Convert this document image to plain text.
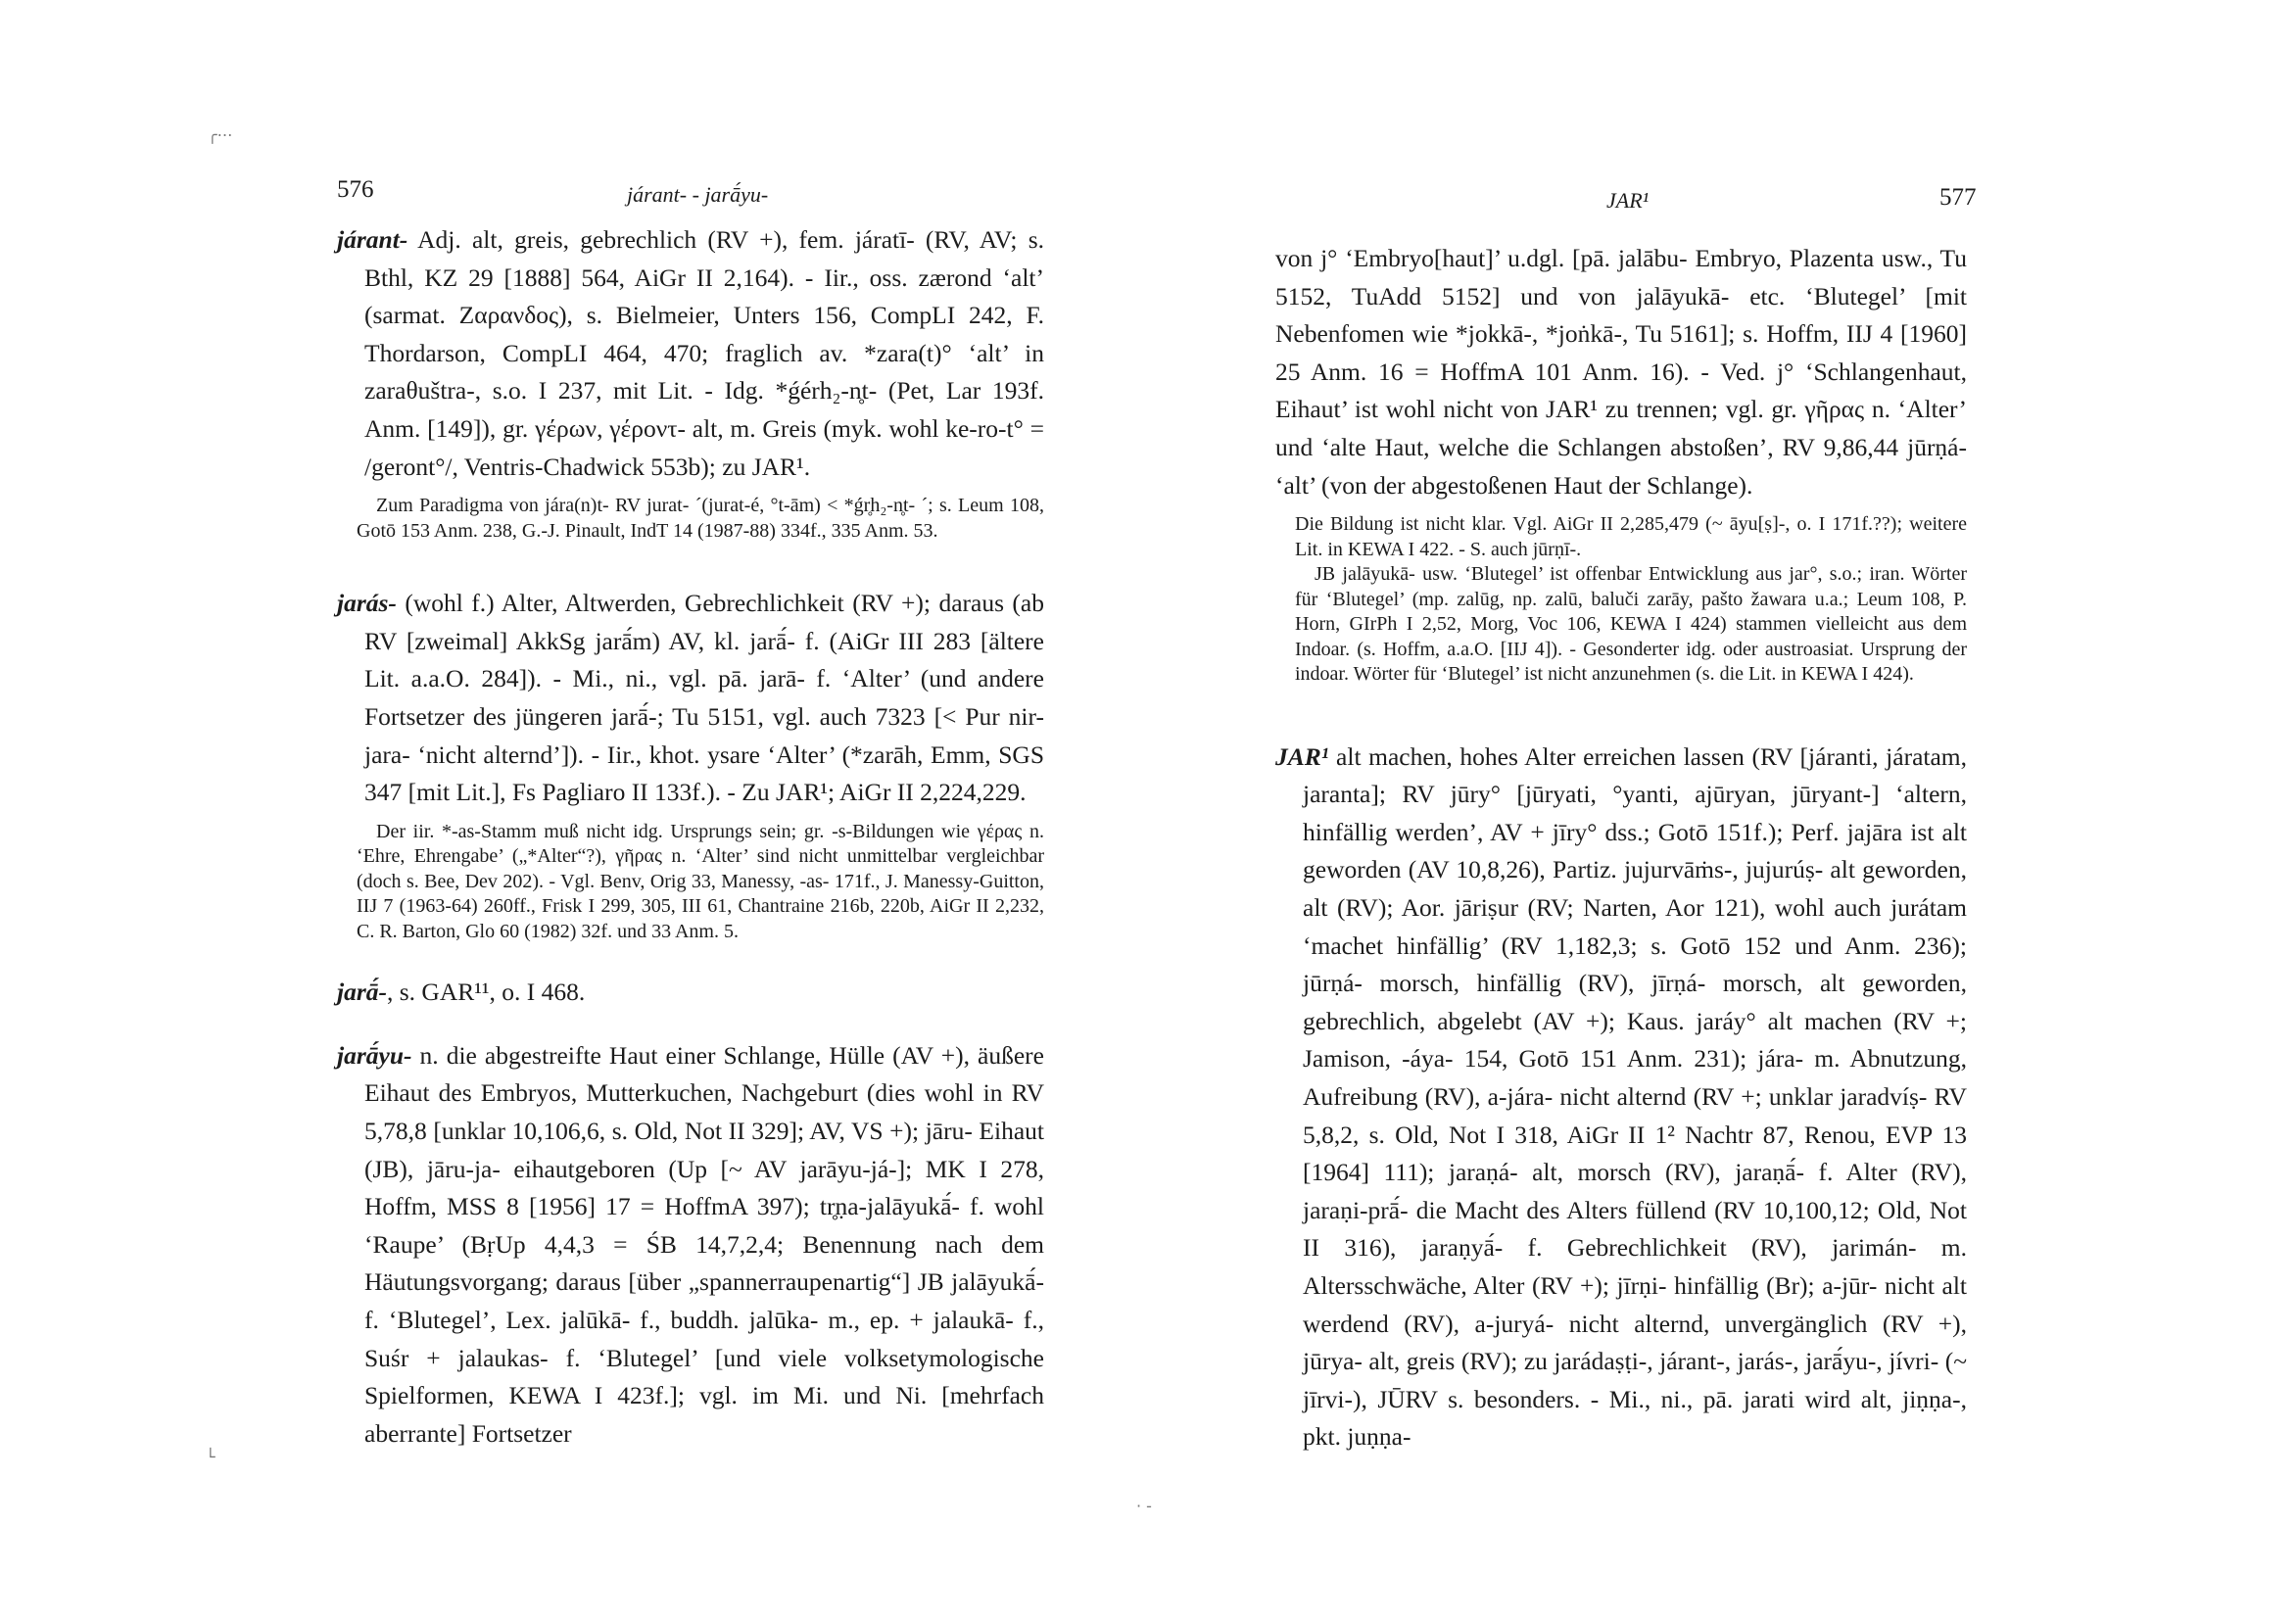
576	járant- - jarā́yu-

járant- Adj. alt, greis, gebrechlich (RV +), fem. járatī- (RV, AV; s. Bthl, KZ 29 [1888] 564, AiGr II 2,164). - Iir., oss. zærond ‘alt’ (sarmat. Ζαρανδος), s. Bielmeier, Unters 156, CompLI 242, F. Thordarson, CompLI 464, 470; fraglich av. *zara(t)° ‘alt’ in zaraθuštra-, s.o. I 237, mit Lit. - Idg. *ǵérh₂-n̥t- (Pet, Lar 193f. Anm. [149]), gr. γέρων, γέροντ- alt, m. Greis (myk. wohl ke-ro-t° = /geront°/, Ventris-Chadwick 553b); zu JAR¹.

Zum Paradigma von jára(n)t- RV jurat- ´(jurat-é, °t-ām) < *ǵr̥h₂-n̥t- ´; s. Leum 108, Gotō 153 Anm. 238, G.-J. Pinault, IndT 14 (1987-88) 334f., 335 Anm. 53.

jarás- (wohl f.) Alter, Altwerden, Gebrechlichkeit (RV +); daraus (ab RV [zweimal] AkkSg jarā́m) AV, kl. jarā́- f. (AiGr III 283 [ältere Lit. a.a.O. 284]). - Mi., ni., vgl. pā. jarā- f. ‘Alter’ (und andere Fortsetzer des jüngeren jarā́-; Tu 5151, vgl. auch 7323 [< Pur nir-jara- ‘nicht alternd’]). - Iir., khot. ysare ‘Alter’ (*zarāh, Emm, SGS 347 [mit Lit.], Fs Pagliaro II 133f.). - Zu JAR¹; AiGr II 2,224,229.

Der iir. *-as-Stamm muß nicht idg. Ursprungs sein; gr. -s-Bildungen wie γέρας n. ‘Ehre, Ehrengabe’ („*Alter“?), γῆρας n. ‘Alter’ sind nicht unmittelbar vergleichbar (doch s. Bee, Dev 202). - Vgl. Benv, Orig 33, Manessy, -as- 171f., J. Manessy-Guitton, IIJ 7 (1963-64) 260ff., Frisk I 299, 305, III 61, Chantraine 216b, 220b, AiGr II 2,232, C. R. Barton, Glo 60 (1982) 32f. und 33 Anm. 5.

jarā́-, s. GAR¹¹, o. I 468.

jarā́yu- n. die abgestreifte Haut einer Schlange, Hülle (AV +), äußere Eihaut des Embryos, Mutterkuchen, Nachgeburt (dies wohl in RV 5,78,8 [unklar 10,106,6, s. Old, Not II 329]; AV, VS +); jāru- Eihaut (JB), jāru-ja- eihautgeboren (Up [~ AV jarāyu-já-]; MK I 278, Hoffm, MSS 8 [1956] 17 = HoffmA 397); tr̥ṇa-jalāyukā́- f. wohl ‘Raupe’ (BṛUp 4,4,3 = ŚB 14,7,2,4; Benennung nach dem Häutungsvorgang; daraus [über „spannerraupenartig“] JB jalāyukā́- f. ‘Blutegel’, Lex. jalūkā- f., buddh. jalūka- m., ep. + jalaukā- f., Suśr + jalaukas- f. ‘Blutegel’ [und viele volksetymologische Spielformen, KEWA I 423f.]; vgl. im Mi. und Ni. [mehrfach aberrante] Fortsetzer

JAR¹	577

von j° ‘Embryo[haut]’ u.dgl. [pā. jalābu- Embryo, Plazenta usw., Tu 5152, TuAdd 5152] und von jalāyukā- etc. ‘Blutegel’ [mit Nebenfomen wie *jokkā-, *joṅkā-, Tu 5161]; s. Hoffm, IIJ 4 [1960] 25 Anm. 16 = HoffmA 101 Anm. 16). - Ved. j° ‘Schlangenhaut, Eihaut’ ist wohl nicht von JAR¹ zu trennen; vgl. gr. γῆρας n. ‘Alter’ und ‘alte Haut, welche die Schlangen abstoßen’, RV 9,86,44 jūrṇá- ‘alt’ (von der abgestoßenen Haut der Schlange).

Die Bildung ist nicht klar. Vgl. AiGr II 2,285,479 (~ āyu[ṣ]-, o. I 171f.??); weitere Lit. in KEWA I 422. - S. auch jūrṇī-.

JB jalāyukā- usw. ‘Blutegel’ ist offenbar Entwicklung aus jar°, s.o.; iran. Wörter für ‘Blutegel’ (mp. zalūg, np. zalū, baluči zarāy, pašto žawara u.a.; Leum 108, P. Horn, GIrPh I 2,52, Morg, Voc 106, KEWA I 424) stammen vielleicht aus dem Indoar. (s. Hoffm, a.a.O. [IIJ 4]). - Gesonderter idg. oder austroasiat. Ursprung der indoar. Wörter für ‘Blutegel’ ist nicht anzunehmen (s. die Lit. in KEWA I 424).

JAR¹ alt machen, hohes Alter erreichen lassen (RV [járanti, járatam, jaranta]; RV jūry° [jūryati, °yanti, ajūryan, jūryant-] ‘altern, hinfällig werden’, AV + jīry° dss.; Gotō 151f.); Perf. jajāra ist alt geworden (AV 10,8,26), Partiz. jujurvāṁs-, jujurúṣ- alt geworden, alt (RV); Aor. jāriṣur (RV; Narten, Aor 121), wohl auch jurátam ‘machet hinfällig’ (RV 1,182,3; s. Gotō 152 und Anm. 236); jūrṇá- morsch, hinfällig (RV), jīrṇá- morsch, alt geworden, gebrechlich, abgelebt (AV +); Kaus. jaráy° alt machen (RV +; Jamison, -áya- 154, Gotō 151 Anm. 231); jára- m. Abnutzung, Aufreibung (RV), a-jára- nicht alternd (RV +; unklar jaradvíṣ- RV 5,8,2, s. Old, Not I 318, AiGr II 1² Nachtr 87, Renou, EVP 13 [1964] 111); jaraṇá- alt, morsch (RV), jaraṇā́- f. Alter (RV), jaraṇi-prā́- die Macht des Alters füllend (RV 10,100,12; Old, Not II 316), jaraṇyā́- f. Gebrechlichkeit (RV), jarimán- m. Altersschwäche, Alter (RV +); jīrṇi- hinfällig (Br); a-jūr- nicht alt werdend (RV), a-juryá- nicht alternd, unvergänglich (RV +), jūrya- alt, greis (RV); zu jarádaṣṭi-, járant-, jarás-, jarā́yu-, jívri- (~ jīrvi-), JŪRV s. besonders. - Mi., ni., pā. jarati wird alt, jiṇṇa-, pkt. juṇṇa-

╭⋯
└
· -
